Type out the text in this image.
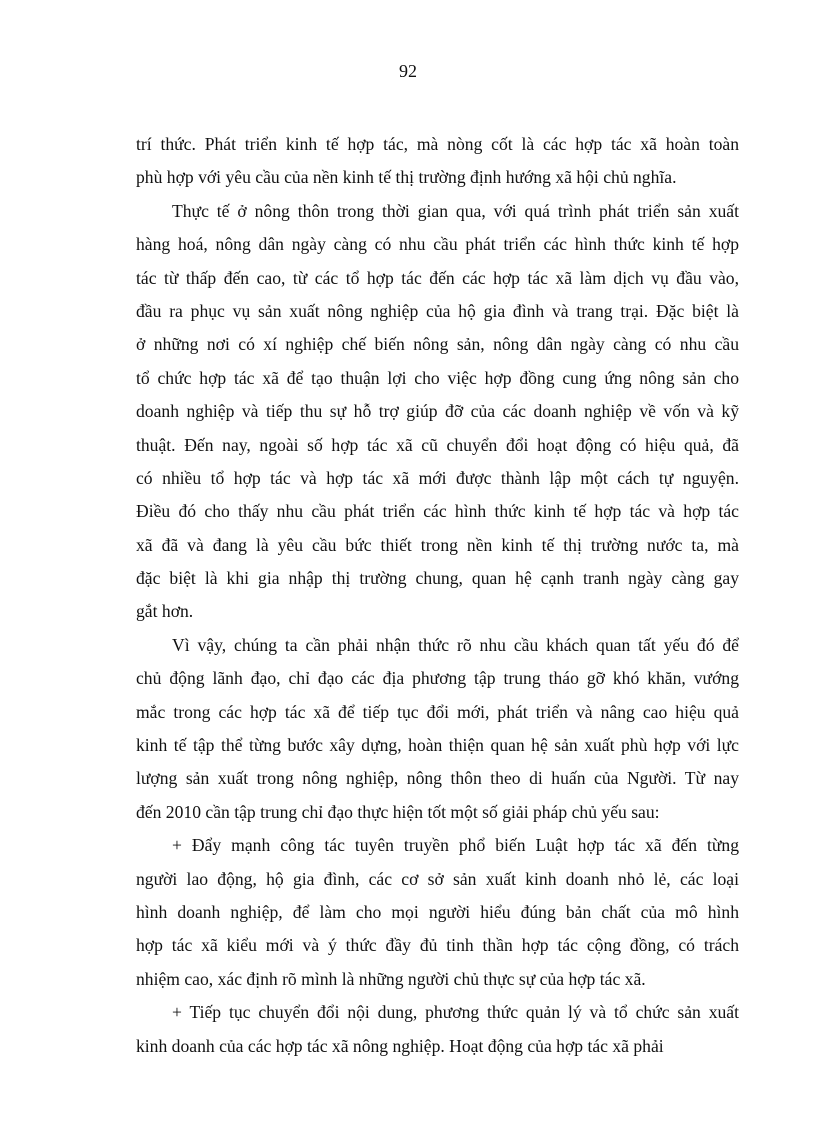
92
trí thức. Phát triển kinh tế hợp tác, mà nòng cốt là các hợp tác xã hoàn toàn
phù hợp với yêu cầu của nền kinh tế thị trường định hướng xã hội chủ nghĩa.
Thực tế ở nông thôn trong thời gian qua, với quá trình phát triển sản xuất
hàng hoá, nông dân ngày càng có nhu cầu phát triển các hình thức kinh tế hợp
tác từ thấp đến cao, từ các tổ hợp tác đến các hợp tác xã làm dịch vụ đầu vào,
đầu ra phục vụ sản xuất nông nghiệp của hộ gia đình và trang trại. Đặc biệt là
ở những nơi có xí nghiệp chế biến nông sản, nông dân ngày càng có nhu cầu
tổ chức hợp tác xã để tạo thuận lợi cho việc hợp đồng cung ứng nông sản cho
doanh nghiệp và tiếp thu sự hỗ trợ giúp đỡ của các doanh nghiệp về vốn và kỹ
thuật. Đến nay, ngoài số hợp tác xã cũ chuyển đổi hoạt động có hiệu quả, đã
có nhiều tổ hợp tác và hợp tác xã mới được thành lập một cách tự nguyện.
Điều đó cho thấy nhu cầu phát triển các hình thức kinh tế hợp tác và hợp tác
xã đã và đang là yêu cầu bức thiết trong nền kinh tế thị trường nước ta, mà
đặc biệt là khi gia nhập thị trường chung, quan hệ cạnh tranh ngày càng gay
gắt hơn.
Vì vậy, chúng ta cần phải nhận thức rõ nhu cầu khách quan tất yếu đó để
chủ động lãnh đạo, chỉ đạo các địa phương tập trung tháo gỡ khó khăn, vướng
mắc trong các hợp tác xã để tiếp tục đổi mới, phát triển và nâng cao hiệu quả
kinh tế tập thể từng bước xây dựng, hoàn thiện quan hệ sản xuất phù hợp với lực
lượng sản xuất trong nông nghiệp, nông thôn theo di huấn của Người. Từ nay
đến 2010 cần tập trung chỉ đạo thực hiện tốt một số giải pháp chủ yếu sau:
+ Đẩy mạnh công tác tuyên truyền phổ biến Luật hợp tác xã đến từng
người lao động, hộ gia đình, các cơ sở sản xuất kinh doanh nhỏ lẻ, các loại
hình doanh nghiệp, để làm cho mọi người hiểu đúng bản chất của mô hình
hợp tác xã kiểu mới và ý thức đầy đủ tinh thần hợp tác cộng đồng, có trách
nhiệm cao, xác định rõ mình là những người chủ thực sự của hợp tác xã.
+ Tiếp tục chuyển đổi nội dung, phương thức quản lý và tổ chức sản xuất
kinh doanh của các hợp tác xã nông nghiệp. Hoạt động của hợp tác xã phải
